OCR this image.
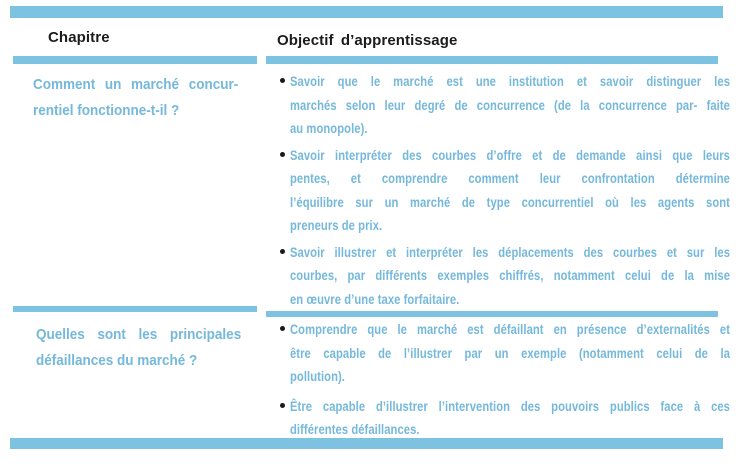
Chapitre	Objectif d’apprentissage
Comment un marché concur-
rentiel fonctionne-t-il ?
Savoir que le marché est une institution et savoir distinguer les
marchés selon leur degré de concurrence (de la concurrence par- faite
au monopole).
Savoir interpréter des courbes d’offre et de demande ainsi que leurs
pentes, et comprendre comment leur confrontation détermine
l’équilibre sur un marché de type concurrentiel où les agents sont
preneurs de prix.
Savoir illustrer et interpréter les déplacements des courbes et sur les
courbes, par différents exemples chiffrés, notamment celui de la mise
en œuvre d’une taxe forfaitaire.
Quelles sont les principales
défaillances du marché ?
Comprendre que le marché est défaillant en présence d’externalités et
être capable de l’illustrer par un exemple (notamment celui de la
pollution).
Être capable d’illustrer l’intervention des pouvoirs publics face à ces
différentes défaillances.
